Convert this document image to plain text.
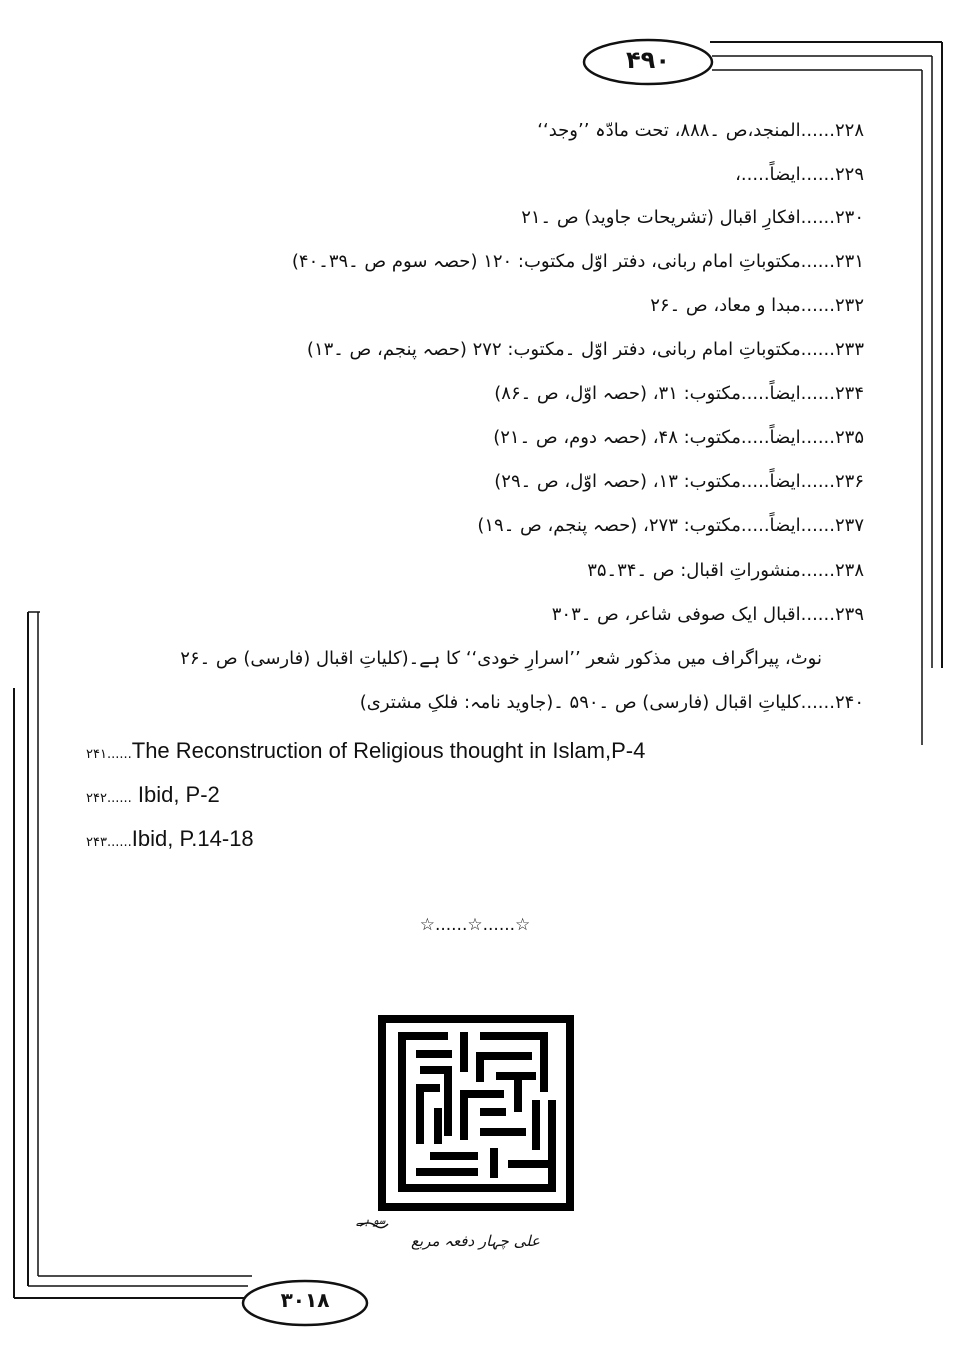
۴۹۰
۳۰۱۸
۲۲۸......المنجد،ص ۔۸۸۸، تحت مادّہ ’’وجد‘‘
۲۲۹......ایضاً.....،
۲۳۰......افکارِ اقبال (تشریحات جاوید) ص ۔۲۱
۲۳۱......مکتوباتِ امام ربانی، دفتر اوّل مکتوب: ۱۲۰ (حصہ سوم ص ۔۳۹۔۴۰)
۲۳۲......مبدا و معاد، ص ۔۲۶
۲۳۳......مکتوباتِ امام ربانی، دفتر اوّل ۔مکتوب: ۲۷۲ (حصہ پنجم، ص ۔۱۳)
۲۳۴......ایضاً.....مکتوب: ۳۱، (حصہ اوّل، ص ۔۸۶)
۲۳۵......ایضاً.....مکتوب: ۴۸، (حصہ دوم، ص ۔۲۱)
۲۳۶......ایضاً.....مکتوب: ۱۳، (حصہ اوّل، ص ۔۲۹)
۲۳۷......ایضاً.....مکتوب: ۲۷۳، (حصہ پنجم، ص ۔۱۹)
۲۳۸......منشوراتِ اقبال: ص ۔۳۴۔۳۵
۲۳۹......اقبال ایک صوفی شاعر، ص ۔۳۰۳
نوٹ، پیراگراف میں مذکور شعر ’’اسرارِ خودی‘‘ کا ہے۔(کلیاتِ اقبال (فارسی) ص ۔۲۶
۲۴۰......کلیاتِ اقبال (فارسی) ص ۔۵۹۰ ۔(جاوید نامہ: فلکِ مشتری)
۲۴۱......The Reconstruction of Religious thought in Islam,P-4
۲۴۲...... Ibid, P-2
۲۴۳......Ibid, P.14-18
☆......☆......☆
سو ہے
علی چہار دفعہ مربع
